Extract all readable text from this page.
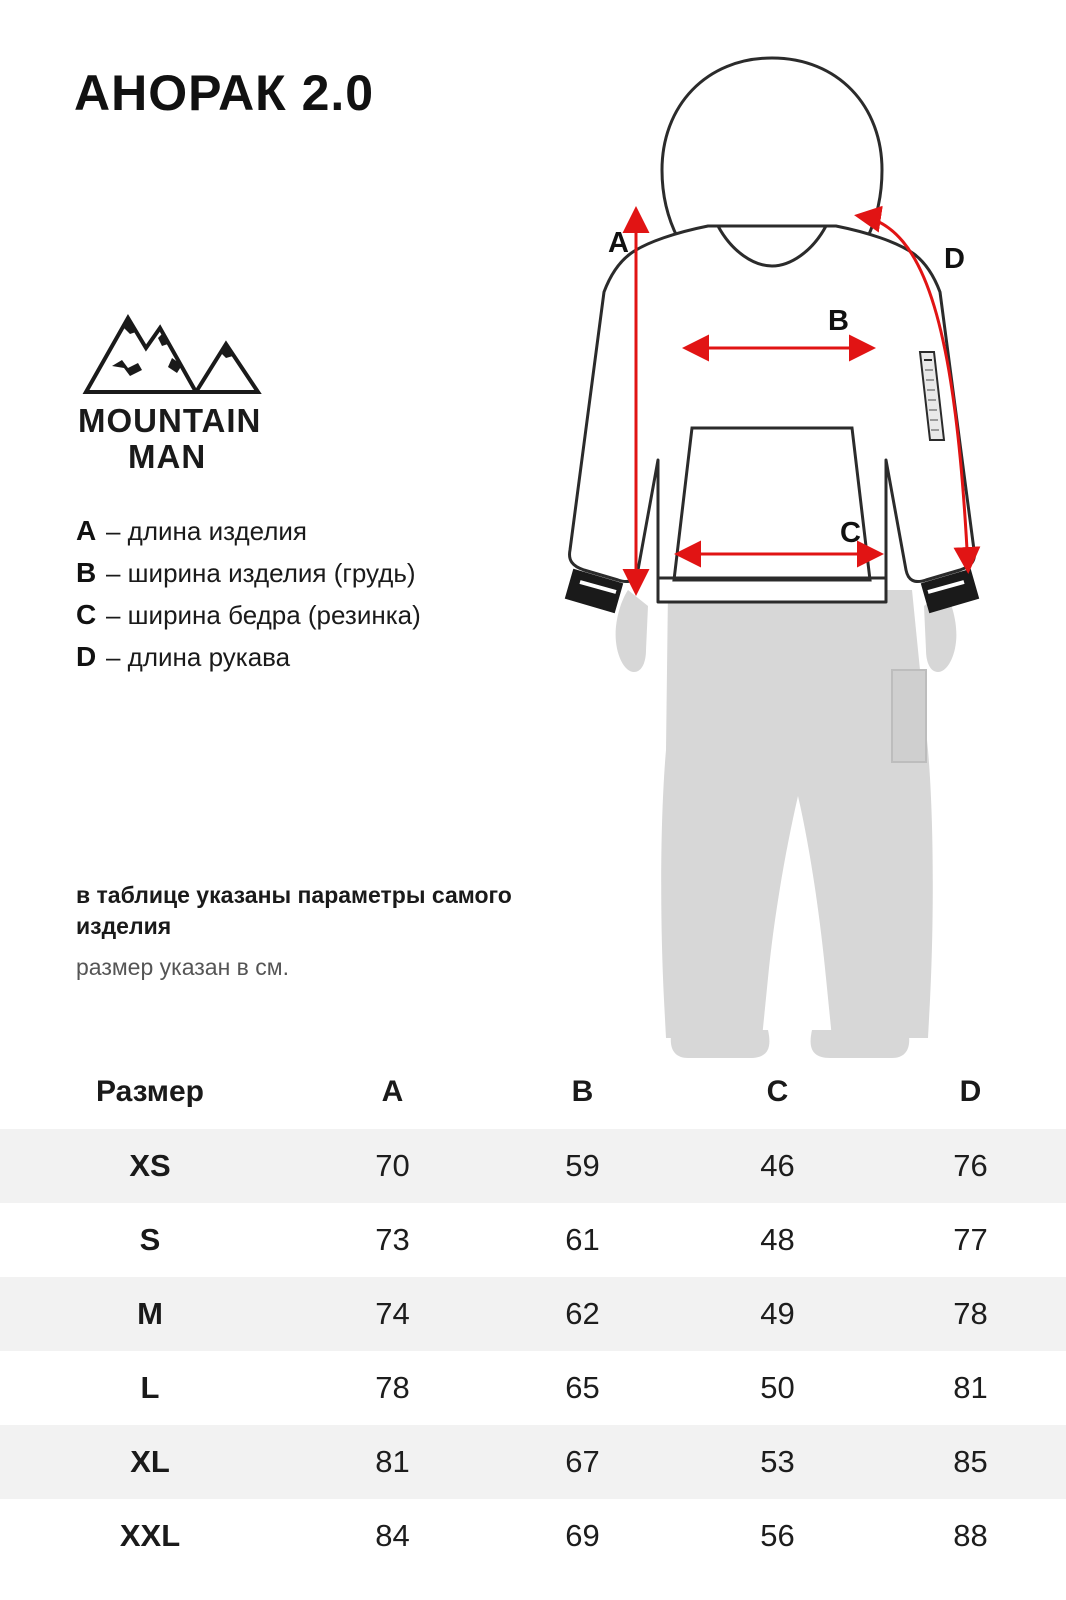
АНОРАК 2.0
MOUNTAIN
MAN
A – длина изделия
B – ширина изделия (грудь)
C – ширина бедра (резинка)
D – длина рукава
в таблице указаны параметры самого изделия
размер указан в см.
A
B
C
D
Размер	A	B	C	D
XS	70	59	46	76
S	73	61	48	77
M	74	62	49	78
L	78	65	50	81
XL	81	67	53	85
XXL	84	69	56	88
